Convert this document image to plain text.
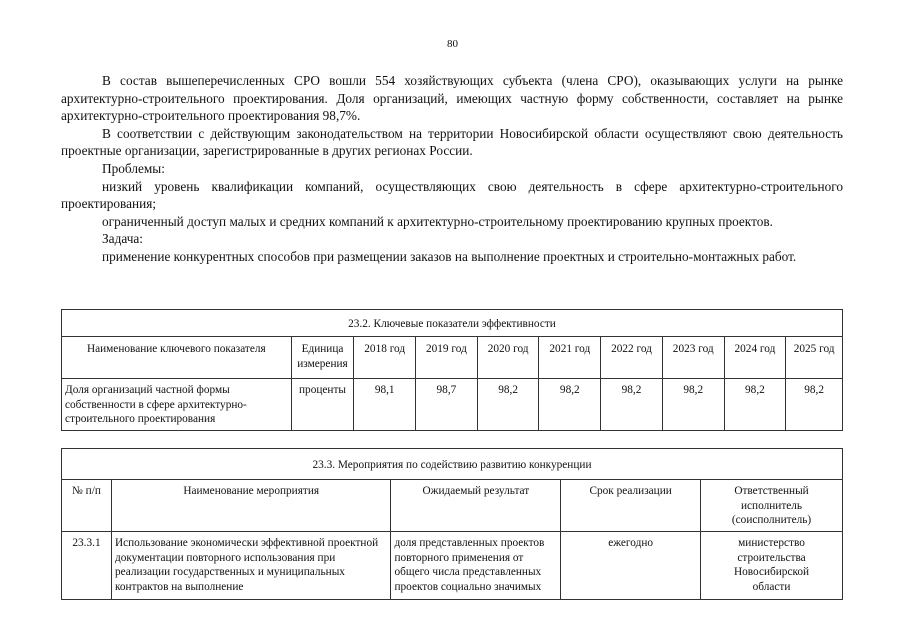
80

В состав вышеперечисленных СРО вошли 554 хозяйствующих субъекта (члена СРО), оказывающих услуги на рынке архитектурно-строительного проектирования. Доля организаций, имеющих частную форму собственности, составляет на рынке архитектурно-строительного проектирования 98,7%.

В соответствии с действующим законодательством на территории Новосибирской области осуществляют свою деятельность проектные организации, зарегистрированные в других регионах России.

Проблемы:

низкий уровень квалификации компаний, осуществляющих свою деятельность в сфере архитектурно-строительного проектирования;

ограниченный доступ малых и средних компаний к архитектурно-строительному проектированию крупных проектов.

Задача:

применение конкурентных способов при размещении заказов на выполнение проектных и строительно-монтажных работ.

23.2. Ключевые показатели эффективности									
Наименование ключевого показателя	Единица измерения	2018 год	2019 год	2020 год	2021 год	2022 год	2023 год	2024 год	2025 год
Доля организаций частной формы собственности в сфере архитектурно-строительного проектирования	проценты	98,1	98,7	98,2	98,2	98,2	98,2	98,2	98,2
23.3. Мероприятия по содействию развитию конкуренции				
№ п/п	Наименование мероприятия	Ожидаемый результат	Срок реализации	Ответственный исполнитель (соисполнитель)
23.3.1	Использование экономически эффективной проектной документации повторного использования при реализации государственных и муниципальных контрактов на выполнение	доля представленных проектов повторного применения от общего числа представленных проектов социально значимых	ежегодно	министерство строительства Новосибирской области
